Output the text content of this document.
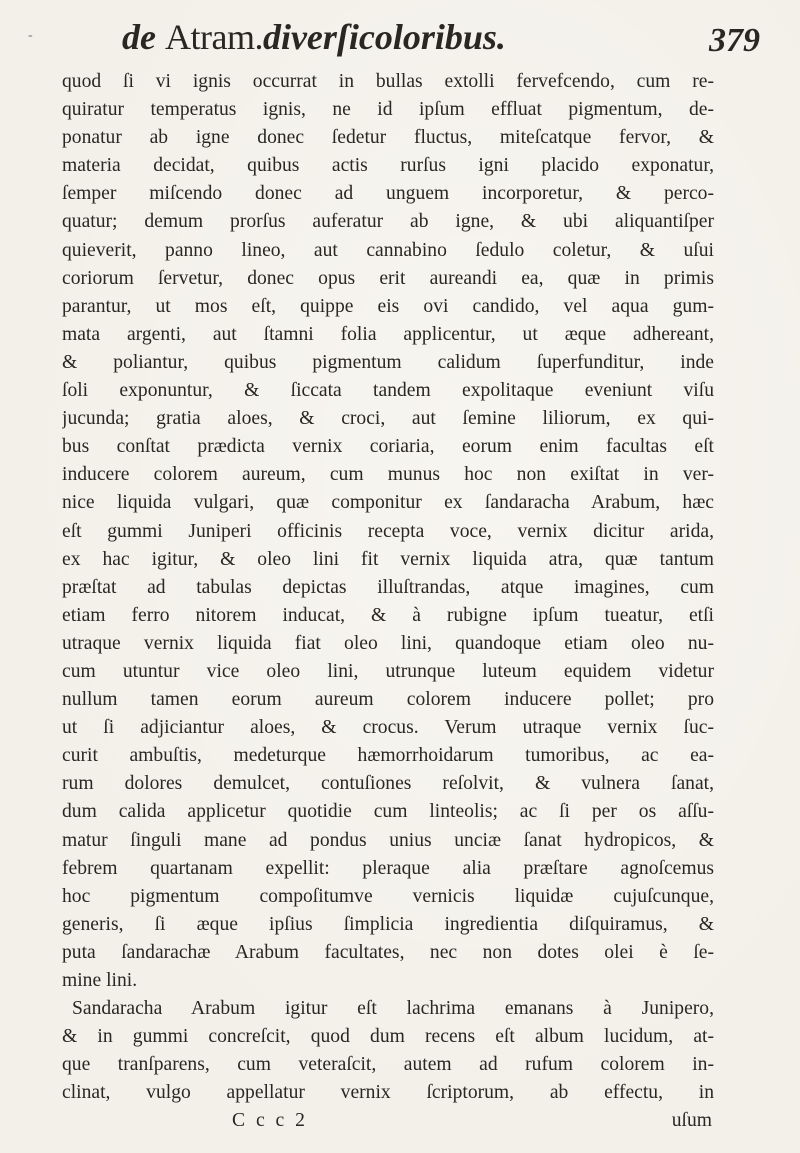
- de Atram.diverſicoloribus.	379
quod ſi vi ignis occurrat in bullas extolli fervefcendo, cum re-
quiratur temperatus ignis, ne id ipſum effluat pigmentum, de-
ponatur ab igne donec ſedetur fluctus, miteſcatque fervor, &
materia decidat, quibus actis rurſus igni placido exponatur,
ſemper miſcendo donec ad unguem incorporetur, & perco-
quatur; demum prorſus auferatur ab igne, & ubi aliquantiſper
quieverit, panno lineo, aut cannabino ſedulo coletur, & uſui
coriorum ſervetur, donec opus erit aureandi ea, quæ in primis
parantur, ut mos eſt, quippe eis ovi candido, vel aqua gum-
mata argenti, aut ſtamni folia applicentur, ut æque adhereant,
& poliantur, quibus pigmentum calidum ſuperfunditur, inde
ſoli exponuntur, & ſiccata tandem expolitaque eveniunt viſu
jucunda; gratia aloes, & croci, aut ſemine liliorum, ex qui-
bus conſtat prædicta vernix coriaria, eorum enim facultas eſt
inducere colorem aureum, cum munus hoc non exiſtat in ver-
nice liquida vulgari, quæ componitur ex ſandaracha Arabum, hæc
eſt gummi Juniperi officinis recepta voce, vernix dicitur arida,
ex hac igitur, & oleo lini fit vernix liquida atra, quæ tantum
præſtat ad tabulas depictas illuſtrandas, atque imagines, cum
etiam ferro nitorem inducat, & à rubigne ipſum tueatur, etſi
utraque vernix liquida fiat oleo lini, quandoque etiam oleo nu-
cum utuntur vice oleo lini, utrunque luteum equidem videtur
nullum tamen eorum aureum colorem inducere pollet; pro
ut ſi adjiciantur aloes, & crocus. Verum utraque vernix ſuc-
curit ambuſtis, medeturque hæmorrhoidarum tumoribus, ac ea-
rum dolores demulcet, contuſiones reſolvit, & vulnera ſanat,
dum calida applicetur quotidie cum linteolis; ac ſi per os aſſu-
matur ſinguli mane ad pondus unius unciæ ſanat hydropicos, &
febrem quartanam expellit: pleraque alia præſtare agnoſcemus
hoc pigmentum compoſitumve vernicis liquidæ cujuſcunque,
generis, ſi æque ipſius ſimplicia ingredientia diſquiramus, &
puta ſandarachæ Arabum facultates, nec non dotes olei è ſe-
mine lini.
Sandaracha Arabum igitur eſt lachrima emanans à Junipero,
& in gummi concreſcit, quod dum recens eſt album lucidum, at-
que tranſparens, cum veteraſcit, autem ad rufum colorem in-
clinat, vulgo appellatur vernix ſcriptorum, ab effectu, in
C c c 2	uſum
